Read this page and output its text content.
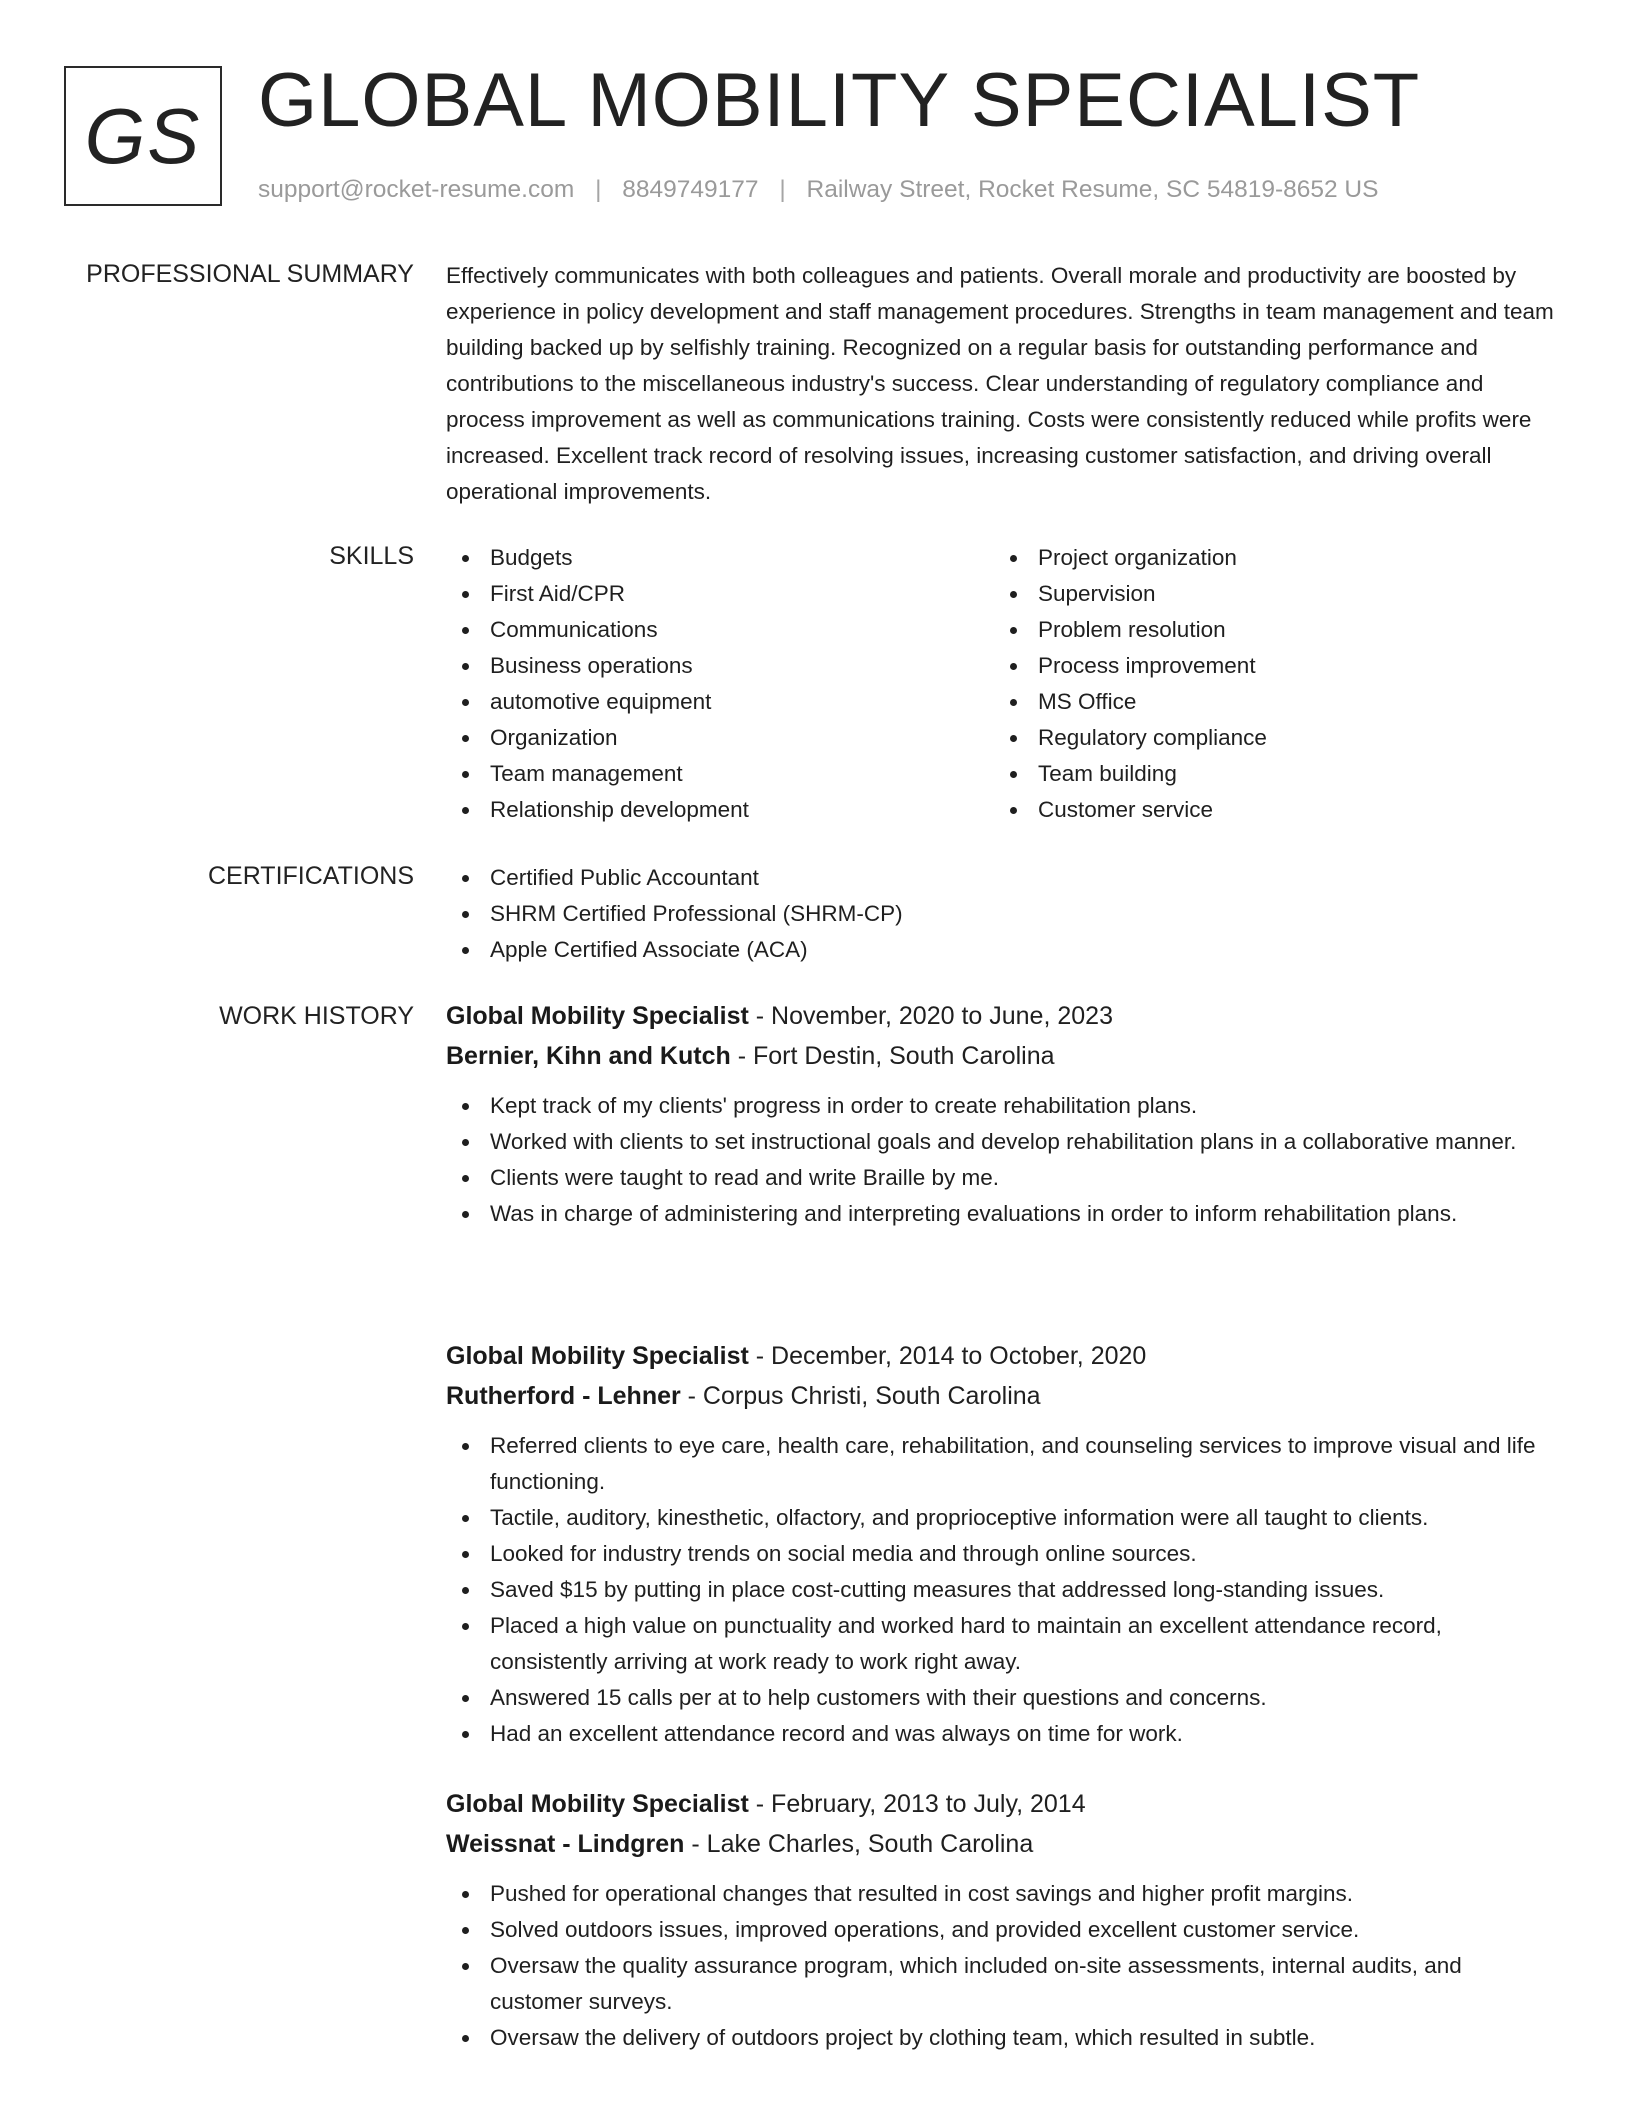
GS GLOBAL MOBILITY SPECIALIST
support@rocket-resume.com | 8849749177 | Railway Street, Rocket Resume, SC 54819-8652 US
PROFESSIONAL SUMMARY Effectively communicates with both colleagues and patients. Overall morale and productivity are boosted by experience in policy development and staff management procedures. Strengths in team management and team building backed up by selfishly training. Recognized on a regular basis for outstanding performance and contributions to the miscellaneous industry's success. Clear understanding of regulatory compliance and process improvement as well as communications training. Costs were consistently reduced while profits were increased. Excellent track record of resolving issues, increasing customer satisfaction, and driving overall operational improvements.

SKILLS	Budgets
First Aid/CPR
Communications
Business operations
automotive equipment
Organization
Team management
Relationship development
Project organization
Supervision
Problem resolution
Process improvement
MS Office
Regulatory compliance
Team building
Customer service
CERTIFICATIONS	Certified Public Accountant
SHRM Certified Professional (SHRM-CP)
Apple Certified Associate (ACA)
WORK HISTORY Global Mobility Specialist - November, 2020 to June, 2023
Bernier, Kihn and Kutch - Fort Destin, South Carolina
Kept track of my clients' progress in order to create rehabilitation plans.
Worked with clients to set instructional goals and develop rehabilitation plans in a collaborative manner.
Clients were taught to read and write Braille by me.
Was in charge of administering and interpreting evaluations in order to inform rehabilitation plans.
Global Mobility Specialist - December, 2014 to October, 2020
Rutherford - Lehner - Corpus Christi, South Carolina
Referred clients to eye care, health care, rehabilitation, and counseling services to improve visual and life functioning.
Tactile, auditory, kinesthetic, olfactory, and proprioceptive information were all taught to clients.
Looked for industry trends on social media and through online sources.
Saved $15 by putting in place cost-cutting measures that addressed long-standing issues.
Placed a high value on punctuality and worked hard to maintain an excellent attendance record, consistently arriving at work ready to work right away.
Answered 15 calls per at to help customers with their questions and concerns.
Had an excellent attendance record and was always on time for work.
Global Mobility Specialist - February, 2013 to July, 2014
Weissnat - Lindgren - Lake Charles, South Carolina
Pushed for operational changes that resulted in cost savings and higher profit margins.
Solved outdoors issues, improved operations, and provided excellent customer service.
Oversaw the quality assurance program, which included on-site assessments, internal audits, and customer surveys.
Oversaw the delivery of outdoors project by clothing team, which resulted in subtle.
